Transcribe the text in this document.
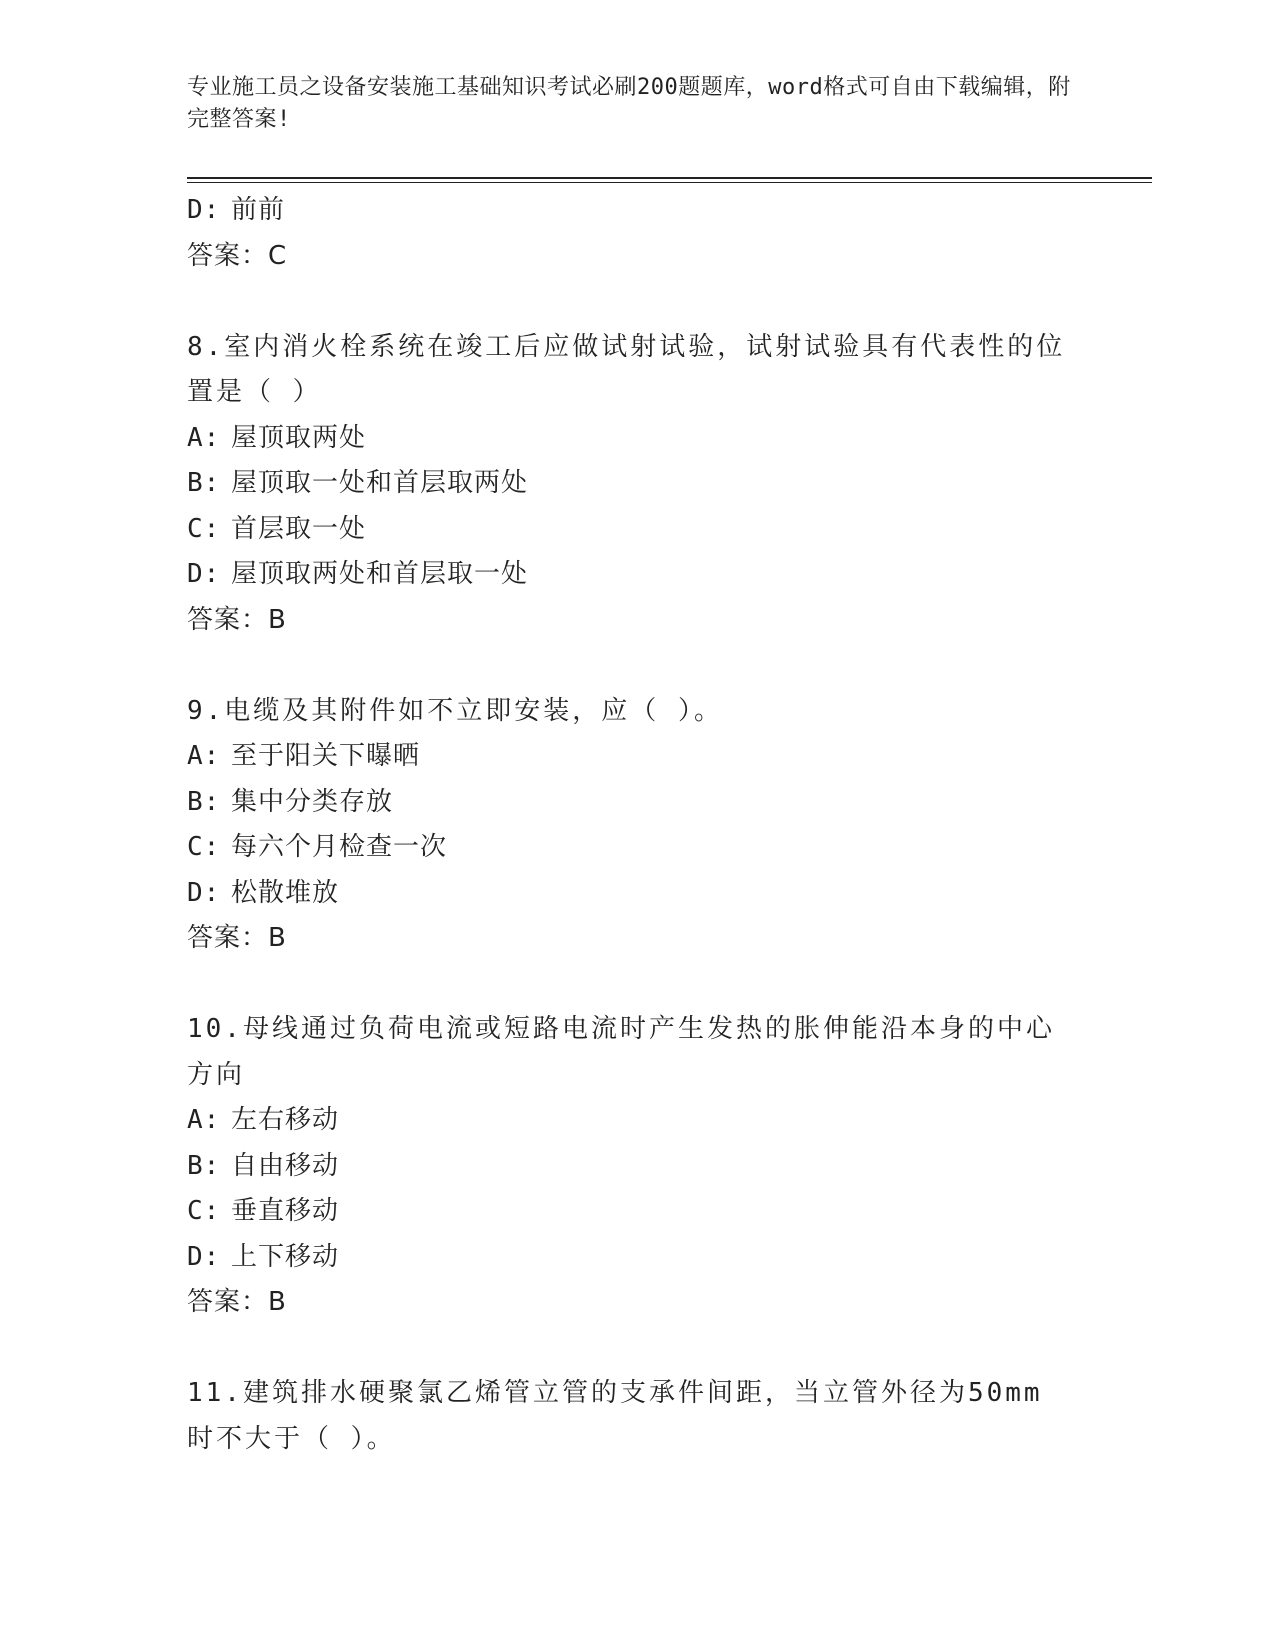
专业施工员之设备安装施工基础知识考试必刷200题题库，word格式可自由下载编辑，附完整答案!
D: 前前
答案：C
8.室内消火栓系统在竣工后应做试射试验，试射试验具有代表性的位置是（ ）
A: 屋顶取两处
B: 屋顶取一处和首层取两处
C: 首层取一处
D: 屋顶取两处和首层取一处
答案：B
9.电缆及其附件如不立即安装，应（ ）。
A: 至于阳关下曝晒
B: 集中分类存放
C: 每六个月检查一次
D: 松散堆放
答案：B
10.母线通过负荷电流或短路电流时产生发热的胀伸能沿本身的中心方向
A: 左右移动
B: 自由移动
C: 垂直移动
D: 上下移动
答案：B
11.建筑排水硬聚氯乙烯管立管的支承件间距，当立管外径为50mm时不大于（ ）。
